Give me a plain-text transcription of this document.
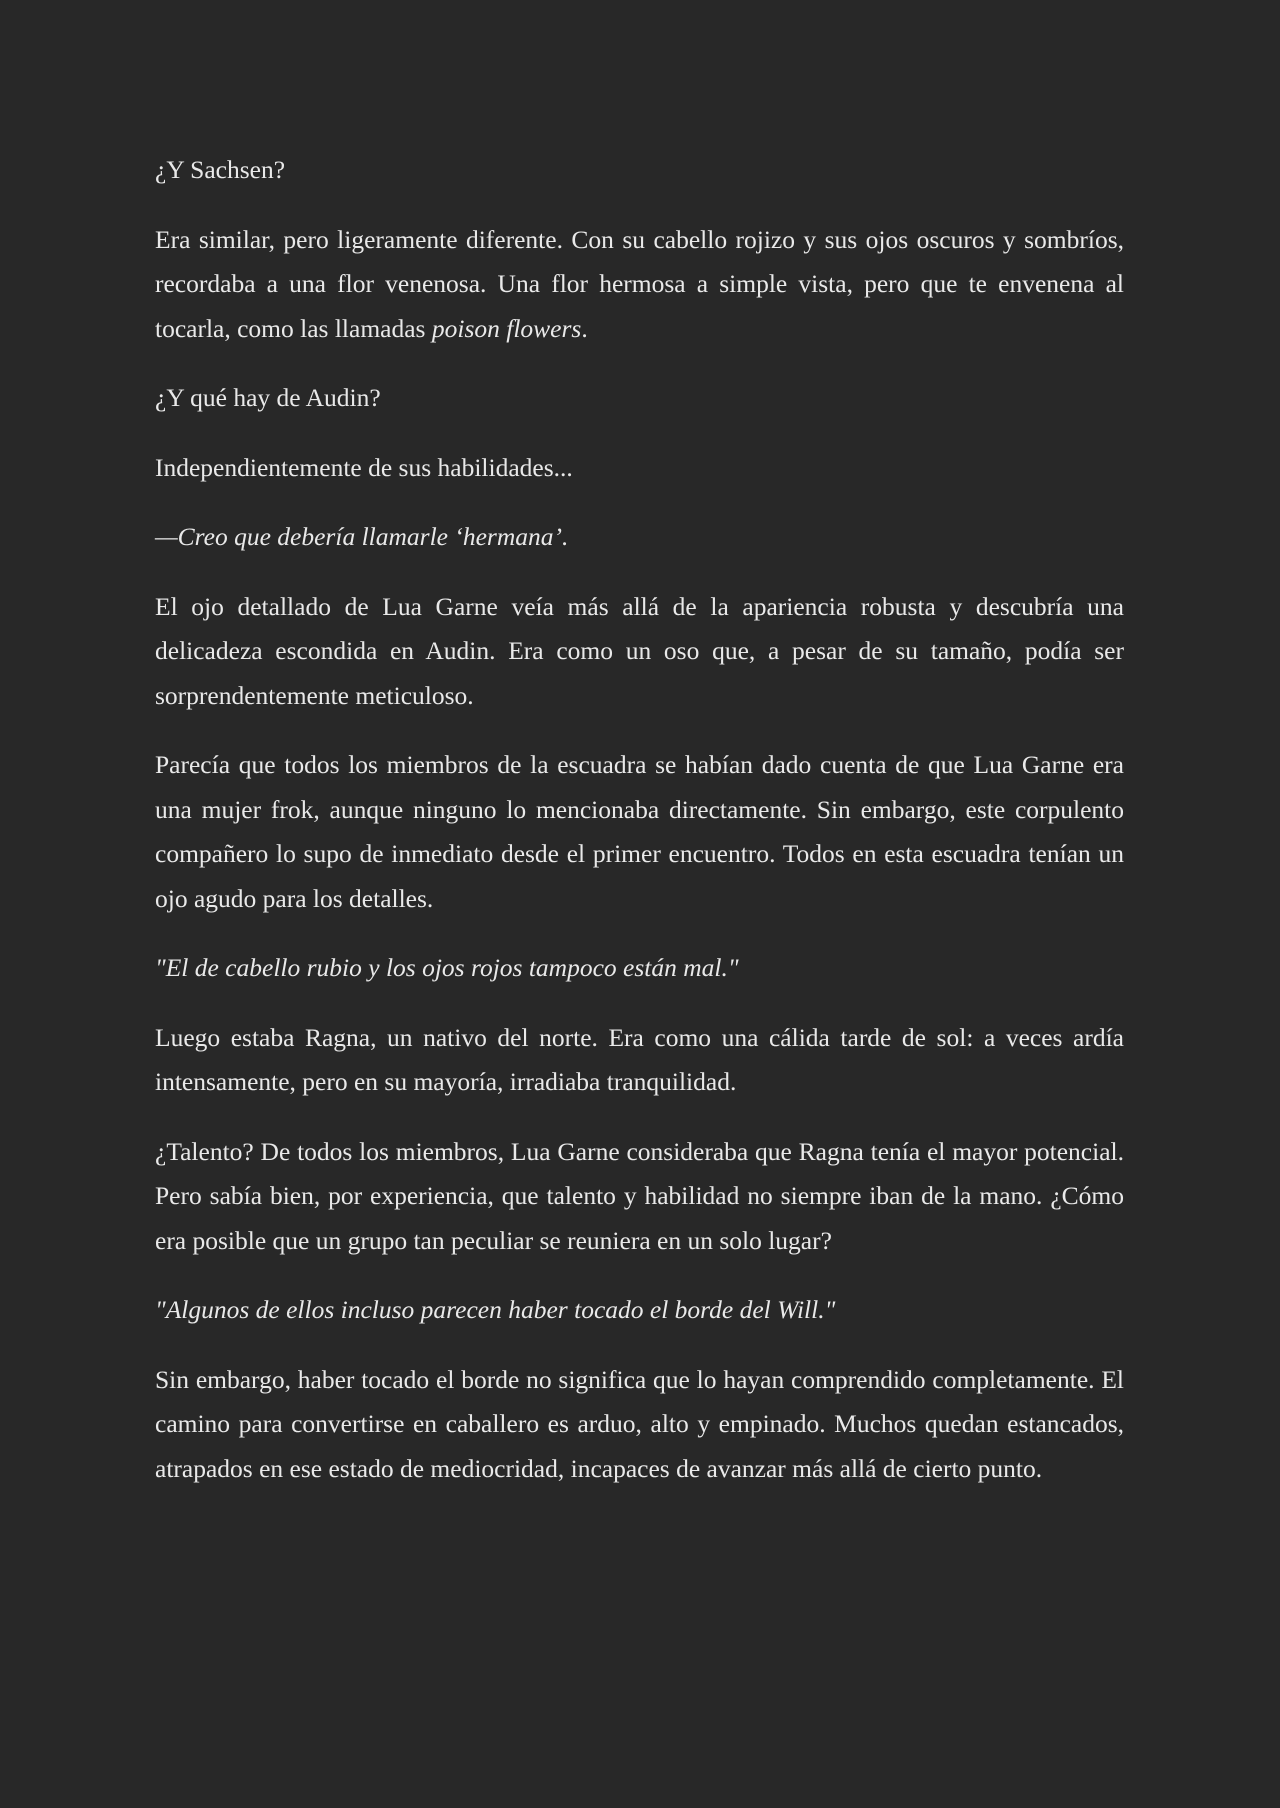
¿Y Sachsen?

Era similar, pero ligeramente diferente. Con su cabello rojizo y sus ojos oscuros y sombríos, recordaba a una flor venenosa. Una flor hermosa a simple vista, pero que te envenena al tocarla, como las llamadas poison flowers.

¿Y qué hay de Audin?

Independientemente de sus habilidades...

—Creo que debería llamarle ‘hermana’.

El ojo detallado de Lua Garne veía más allá de la apariencia robusta y descubría una delicadeza escondida en Audin. Era como un oso que, a pesar de su tamaño, podía ser sorprendentemente meticuloso.

Parecía que todos los miembros de la escuadra se habían dado cuenta de que Lua Garne era una mujer frok, aunque ninguno lo mencionaba directamente. Sin embargo, este corpulento compañero lo supo de inmediato desde el primer encuentro. Todos en esta escuadra tenían un ojo agudo para los detalles.

"El de cabello rubio y los ojos rojos tampoco están mal."

Luego estaba Ragna, un nativo del norte. Era como una cálida tarde de sol: a veces ardía intensamente, pero en su mayoría, irradiaba tranquilidad.

¿Talento? De todos los miembros, Lua Garne consideraba que Ragna tenía el mayor potencial. Pero sabía bien, por experiencia, que talento y habilidad no siempre iban de la mano. ¿Cómo era posible que un grupo tan peculiar se reuniera en un solo lugar?

"Algunos de ellos incluso parecen haber tocado el borde del Will."

Sin embargo, haber tocado el borde no significa que lo hayan comprendido completamente. El camino para convertirse en caballero es arduo, alto y empinado. Muchos quedan estancados, atrapados en ese estado de mediocridad, incapaces de avanzar más allá de cierto punto.
